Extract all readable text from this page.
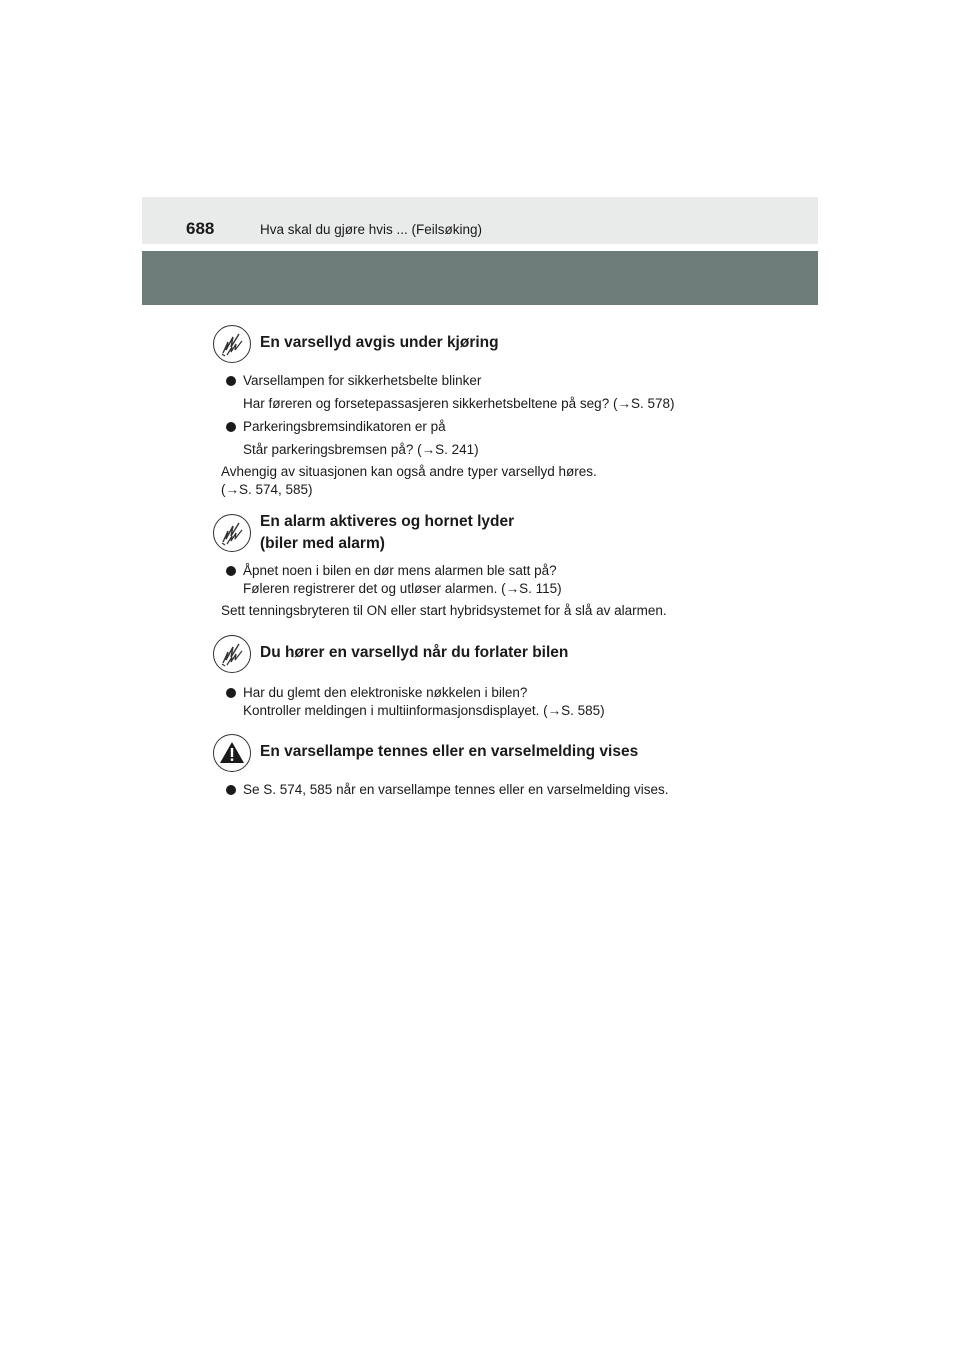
688	Hva skal du gjøre hvis ... (Feilsøking)
En varsellyd avgis under kjøring
Varsellampen for sikkerhetsbelte blinker
Har føreren og forsetepassasjeren sikkerhetsbeltene på seg? (→S. 578)
Parkeringsbremsindikatoren er på
Står parkeringsbremsen på? (→S. 241)
Avhengig av situasjonen kan også andre typer varsellyd høres.
(→S. 574, 585)
En alarm aktiveres og hornet lyder
(biler med alarm)
Åpnet noen i bilen en dør mens alarmen ble satt på?
Føleren registrerer det og utløser alarmen. (→S. 115)
Sett tenningsbryteren til ON eller start hybridsystemet for å slå av alarmen.
Du hører en varsellyd når du forlater bilen
Har du glemt den elektroniske nøkkelen i bilen?
Kontroller meldingen i multiinformasjonsdisplayet. (→S. 585)
En varsellampe tennes eller en varselmelding vises
Se S. 574, 585 når en varsellampe tennes eller en varselmelding vises.
